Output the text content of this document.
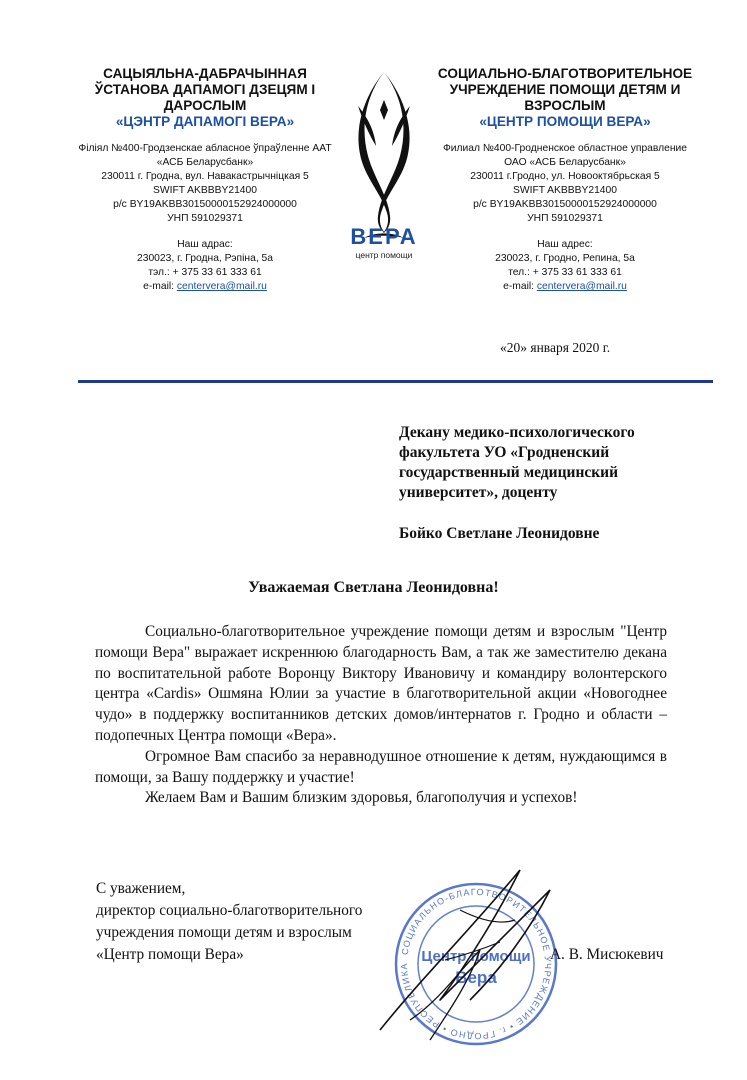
САЦЫЯЛЬНА-ДАБРАЧЫННАЯ

ЎСТАНОВА ДАПАМОГІ ДЗЕЦЯМ І

ДАРОСЛЫМ

«ЦЭНТР ДАПАМОГІ ВЕРА»

Філіял №400-Гродзенскае абласное ўпраўленне ААТ

«АСБ Беларусбанк»

230011 г. Гродна, вул. Навакастрычніцкая 5

SWIFT AKBBBY21400

р/с BY19AKBB30150000152924000000

УНП 591029371

Наш адрас:

230023, г. Гродна, Рэпіна, 5а

тэл.: + 375 33 61 333 61

e-mail: centervera@mail.ru

ВЕРА
центр помощи

СОЦИАЛЬНО-БЛАГОТВОРИТЕЛЬНОЕ

УЧРЕЖДЕНИЕ ПОМОЩИ ДЕТЯМ И

ВЗРОСЛЫМ

«ЦЕНТР ПОМОЩИ ВЕРА»

Филиал №400-Гродненское областное управление

ОАО «АСБ Беларусбанк»

230011 г.Гродно, ул. Новооктябрьская 5

SWIFT AKBBBY21400

р/с BY19AKBB30150000152924000000

УНП 591029371

Наш адрес:

230023, г. Гродно, Репина, 5а

тел.: + 375 33 61 333 61

e-mail: centervera@mail.ru

«20» января 2020 г.
Декану медико-психологического факультета УО «Гродненский государственный медицинский университет», доценту
Бойко Светлане Леонидовне
Уважаемая Светлана Леонидовна!

Социально-благотворительное учреждение помощи детям и взрослым "Центр помощи Вера" выражает искреннюю благодарность Вам, а так же заместителю декана по воспитательной работе Воронцу Виктору Ивановичу и командиру волонтерского центра «Cardis» Ошмяна Юлии за участие в благотворительной акции «Новогоднее чудо» в поддержку воспитанников детских домов/интернатов г. Гродно и области – подопечных Центра помощи «Вера».

Огромное Вам спасибо за неравнодушное отношение к детям, нуждающимся в помощи, за Вашу поддержку и участие!

Желаем Вам и Вашим близким здоровья, благополучия и успехов!

С уважением,
директор социально-благотворительного
учреждения помощи детям и взрослым
«Центр помощи Вера»	СОЦИАЛЬНО-БЛАГОТВОРИТЕЛЬНОЕ УЧРЕЖДЕНИЕ • г. ГРОДНО • РЕСПУБЛИКА
Центр помощи
Вера
А. В. Мисюкевич
